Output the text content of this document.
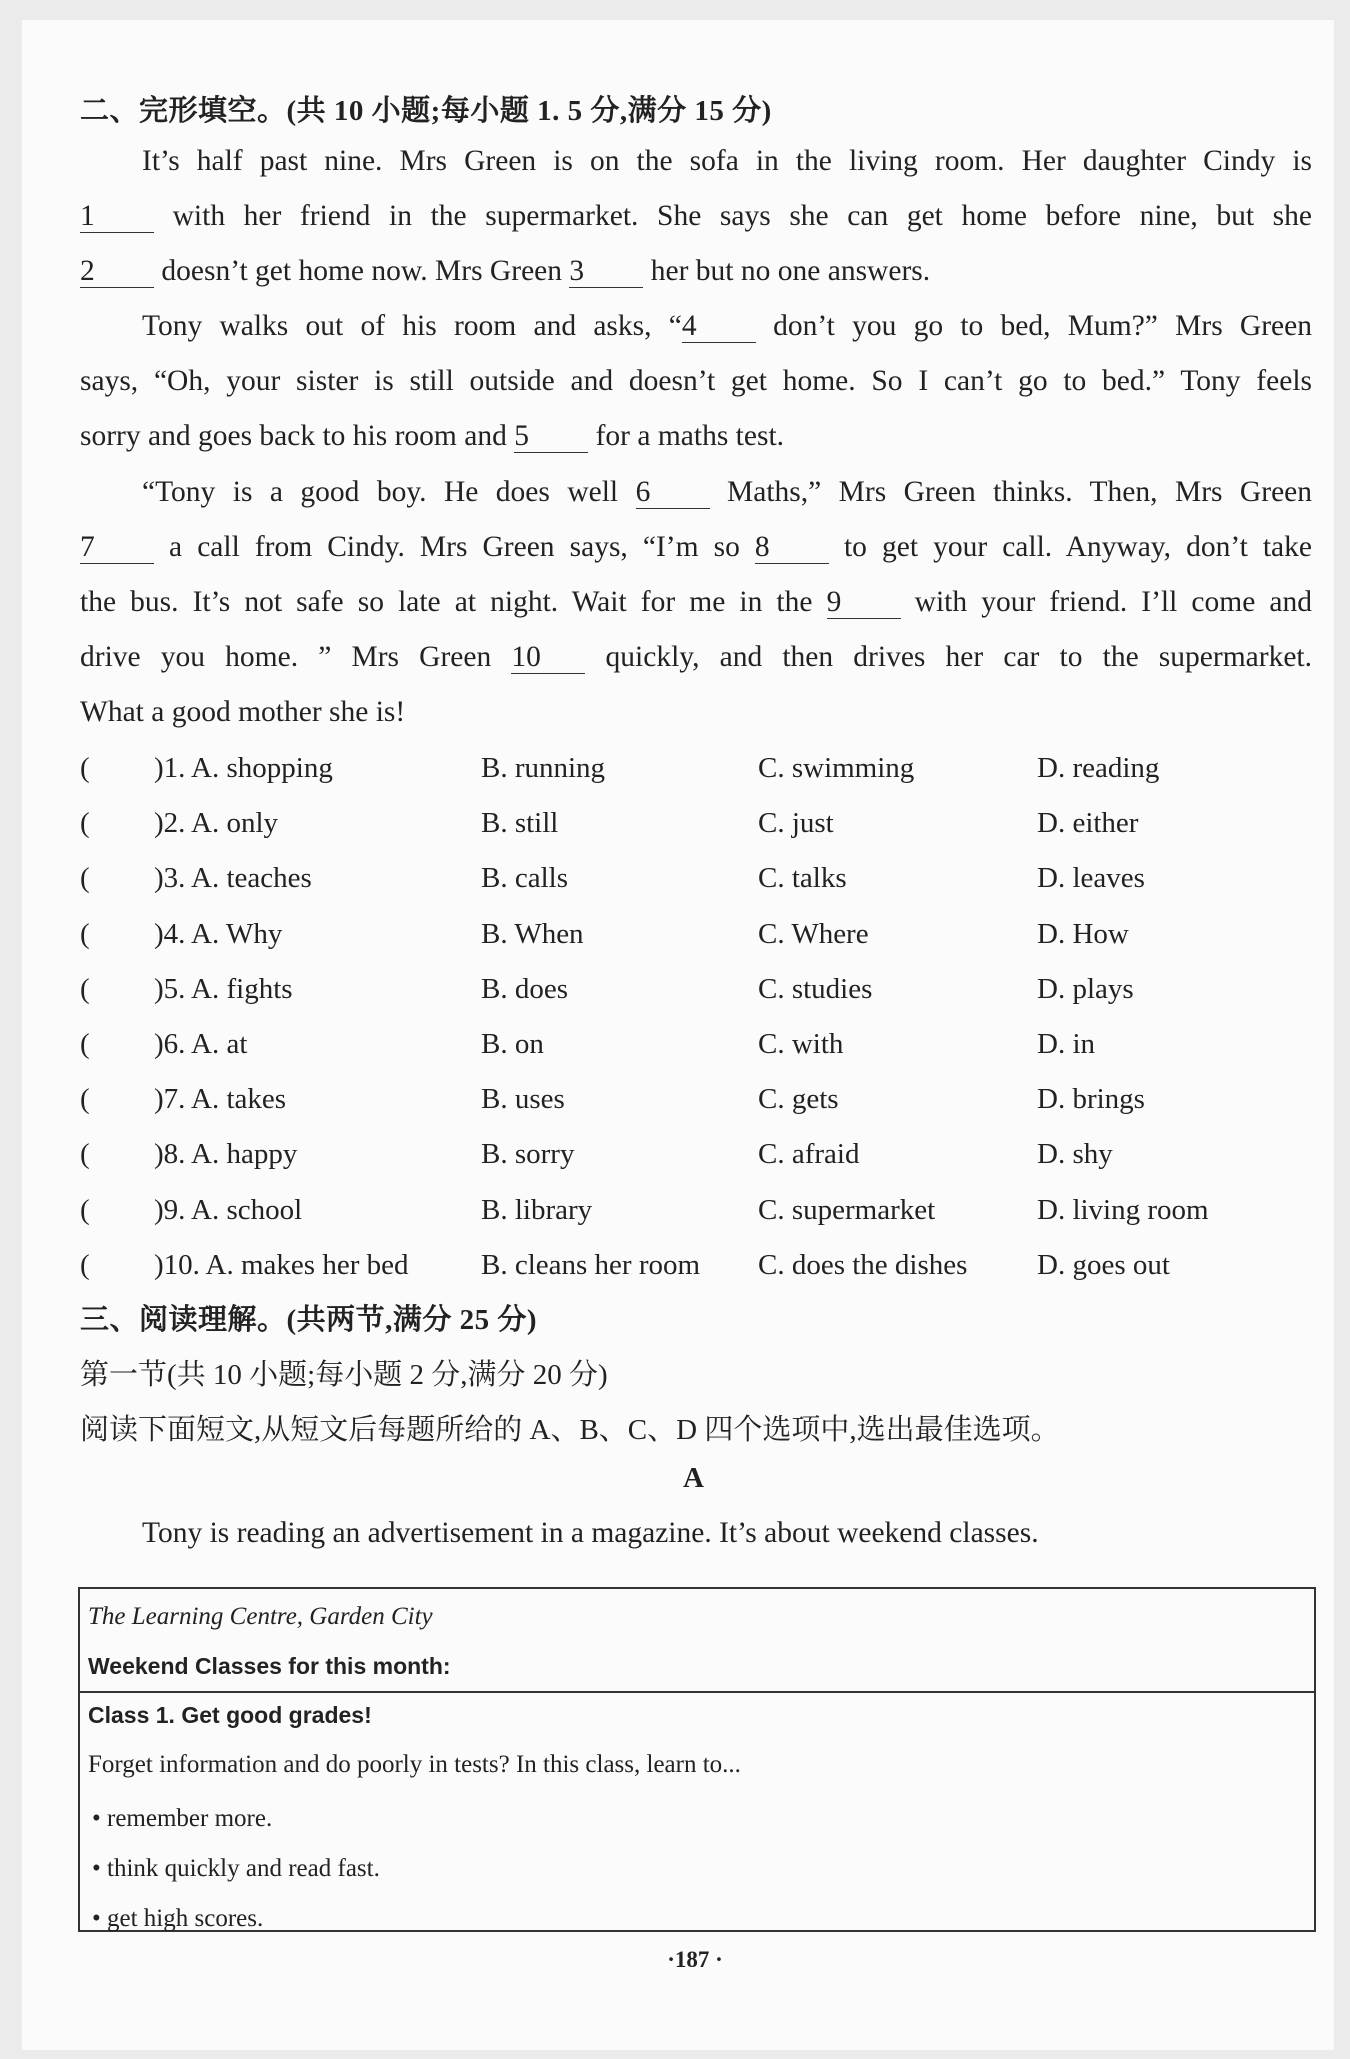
二、完形填空。(共 10 小题;每小题 1. 5 分,满分 15 分)
It’s half past nine. Mrs Green is on the sofa in the living room. Her daughter Cindy is
1 with her friend in the supermarket. She says she can get home before nine, but she
2 doesn’t get home now. Mrs Green 3 her but no one answers.
Tony walks out of his room and asks, “4 don’t you go to bed, Mum?” Mrs Green
says, “Oh, your sister is still outside and doesn’t get home. So I can’t go to bed.” Tony feels
sorry and goes back to his room and 5 for a maths test.
“Tony is a good boy. He does well 6 Maths,” Mrs Green thinks. Then, Mrs Green
7 a call from Cindy. Mrs Green says, “I’m so 8 to get your call. Anyway, don’t take
the bus. It’s not safe so late at night. Wait for me in the 9 with your friend. I’ll come and
drive you home. ” Mrs Green 10 quickly, and then drives her car to the supermarket.
What a good mother she is!
( )1. A. shopping	B. running	C. swimming	D. reading
( )2. A. only	B. still	C. just	D. either
( )3. A. teaches	B. calls	C. talks	D. leaves
( )4. A. Why	B. When	C. Where	D. How
( )5. A. fights	B. does	C. studies	D. plays
( )6. A. at	B. on	C. with	D. in
( )7. A. takes	B. uses	C. gets	D. brings
( )8. A. happy	B. sorry	C. afraid	D. shy
( )9. A. school	B. library	C. supermarket	D. living room
( )10. A. makes her bed	B. cleans her room C. does the dishes D. goes out
三、阅读理解。(共两节,满分 25 分)
第一节(共 10 小题;每小题 2 分,满分 20 分)
阅读下面短文,从短文后每题所给的 A、B、C、D 四个选项中,选出最佳选项。
A
Tony is reading an advertisement in a magazine. It’s about weekend classes.
The Learning Centre, Garden City
Weekend Classes for this month:
Class 1. Get good grades!
Forget information and do poorly in tests? In this class, learn to...
• remember more.
• think quickly and read fast.
• get high scores.
·187 ·
